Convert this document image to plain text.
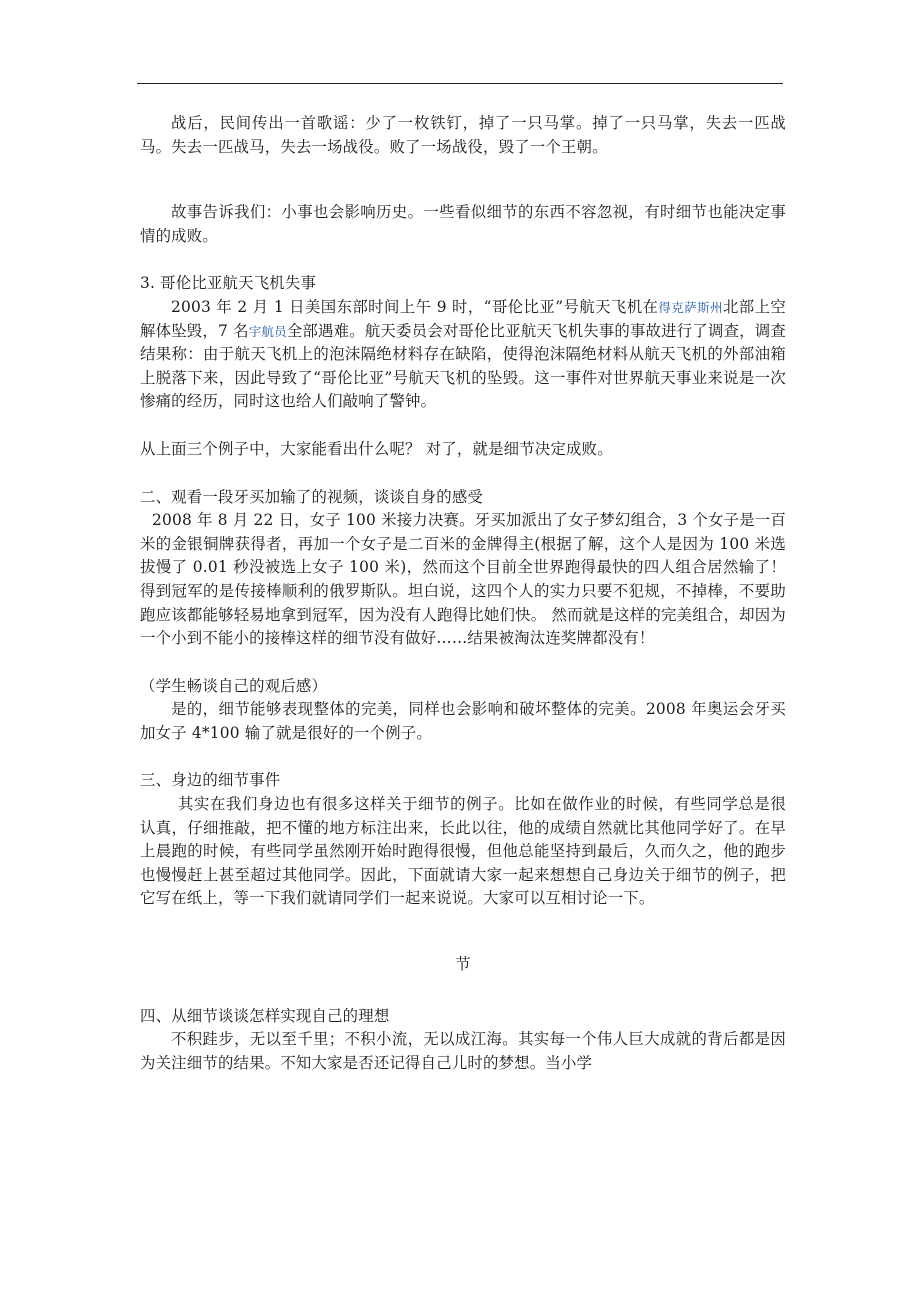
战后，民间传出一首歌谣：少了一枚铁钉，掉了一只马掌。掉了一只马掌，失去一匹战马。失去一匹战马，失去一场战役。败了一场战役，毁了一个王朝。

故事告诉我们：小事也会影响历史。一些看似细节的东西不容忽视，有时细节也能决定事情的成败。

3. 哥伦比亚航天飞机失事

2003 年 2 月 1 日美国东部时间上午 9 时，“哥伦比亚”号航天飞机在得克萨斯州北部上空解体坠毁，7 名宇航员全部遇难。航天委员会对哥伦比亚航天飞机失事的事故进行了调查，调查结果称：由于航天飞机上的泡沫隔绝材料存在缺陷，使得泡沫隔绝材料从航天飞机的外部油箱上脱落下来，因此导致了“哥伦比亚”号航天飞机的坠毁。这一事件对世界航天事业来说是一次惨痛的经历，同时这也给人们敲响了警钟。

从上面三个例子中，大家能看出什么呢？ 对了，就是细节决定成败。

二、观看一段牙买加输了的视频，谈谈自身的感受

2008 年 8 月 22 日，女子 100 米接力决赛。牙买加派出了女子梦幻组合，3 个女子是一百米的金银铜牌获得者，再加一个女子是二百米的金牌得主(根据了解，这个人是因为 100 米选拔慢了 0.01 秒没被选上女子 100 米)，然而这个目前全世界跑得最快的四人组合居然输了！得到冠军的是传接棒顺利的俄罗斯队。坦白说，这四个人的实力只要不犯规，不掉棒，不要助跑应该都能够轻易地拿到冠军，因为没有人跑得比她们快。 然而就是这样的完美组合，却因为一个小到不能小的接棒这样的细节没有做好……结果被淘汰连奖牌都没有！

（学生畅谈自己的观后感）

是的，细节能够表现整体的完美，同样也会影响和破坏整体的完美。2008 年奥运会牙买加女子 4*100 输了就是很好的一个例子。

三、身边的细节事件

其实在我们身边也有很多这样关于细节的例子。比如在做作业的时候，有些同学总是很认真，仔细推敲，把不懂的地方标注出来，长此以往，他的成绩自然就比其他同学好了。在早上晨跑的时候，有些同学虽然刚开始时跑得很慢，但他总能坚持到最后，久而久之，他的跑步也慢慢赶上甚至超过其他同学。因此，下面就请大家一起来想想自己身边关于细节的例子，把它写在纸上，等一下我们就请同学们一起来说说。大家可以互相讨论一下。

节

四、从细节谈谈怎样实现自己的理想

不积跬步，无以至千里；不积小流，无以成江海。其实每一个伟人巨大成就的背后都是因为关注细节的结果。不知大家是否还记得自己儿时的梦想。当小学
